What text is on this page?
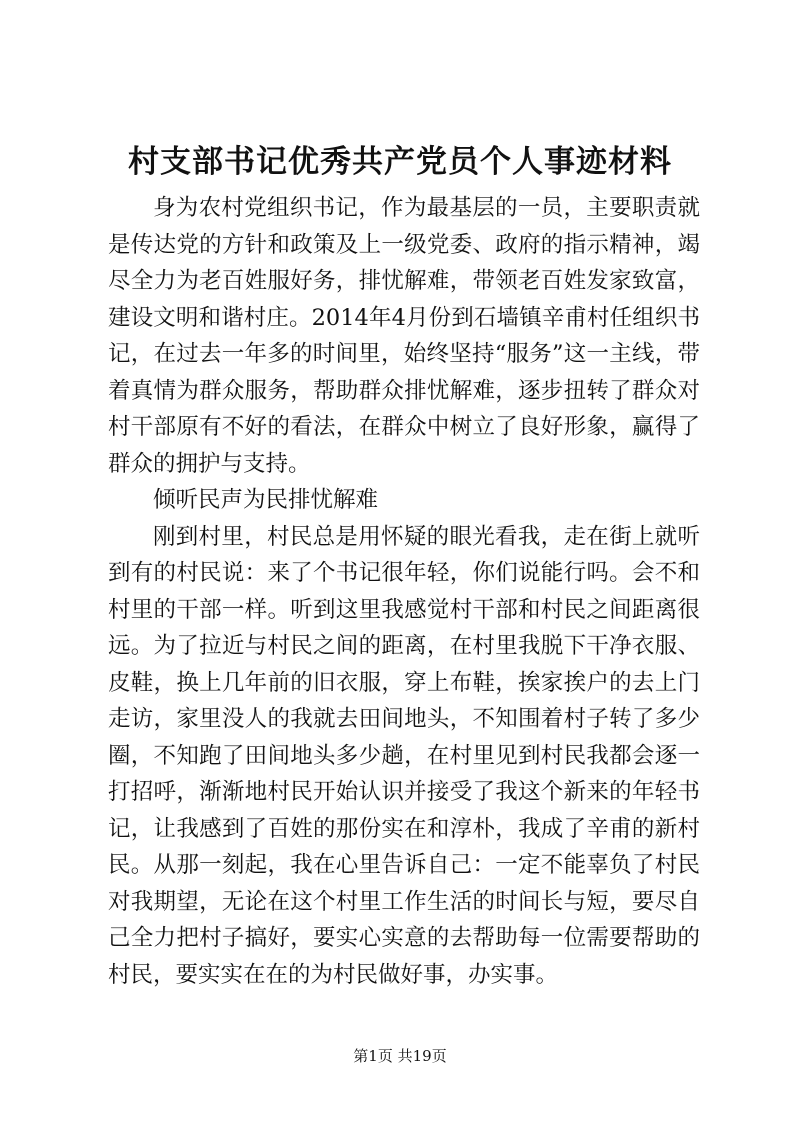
村支部书记优秀共产党员个人事迹材料

身为农村党组织书记，作为最基层的一员，主要职责就是传达党的方针和政策及上一级党委、政府的指示精神，竭尽全力为老百姓服好务，排忧解难，带领老百姓发家致富，建设文明和谐村庄。2014年4月份到石墙镇辛甫村任组织书记，在过去一年多的时间里，始终坚持“服务”这一主线，带着真情为群众服务，帮助群众排忧解难，逐步扭转了群众对村干部原有不好的看法，在群众中树立了良好形象，赢得了群众的拥护与支持。

倾听民声为民排忧解难

刚到村里，村民总是用怀疑的眼光看我，走在街上就听到有的村民说：来了个书记很年轻，你们说能行吗。会不和村里的干部一样。听到这里我感觉村干部和村民之间距离很远。为了拉近与村民之间的距离，在村里我脱下干净衣服、皮鞋，换上几年前的旧衣服，穿上布鞋，挨家挨户的去上门走访，家里没人的我就去田间地头，不知围着村子转了多少圈，不知跑了田间地头多少趟，在村里见到村民我都会逐一打招呼，渐渐地村民开始认识并接受了我这个新来的年轻书记，让我感到了百姓的那份实在和淳朴，我成了辛甫的新村民。从那一刻起，我在心里告诉自己：一定不能辜负了村民对我期望，无论在这个村里工作生活的时间长与短，要尽自己全力把村子搞好，要实心实意的去帮助每一位需要帮助的村民，要实实在在的为村民做好事，办实事。

第1页 共19页
